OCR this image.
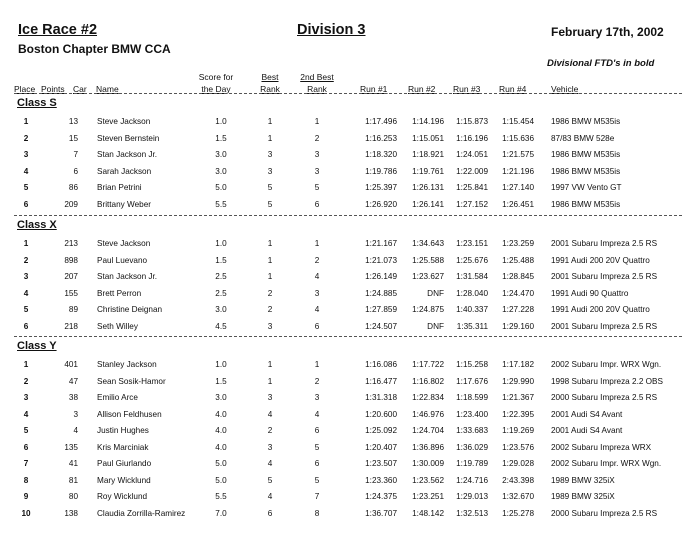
Ice Race #2	Division 3	February 17th, 2002
Boston Chapter BMW CCA
Divisional FTD's in bold
Place Points Car Name
Score for
the Day
Best
Rank
2nd Best
Rank	Run #1 Run #2 Run #3 Run #4	Vehicle
Class S
1	13 Steve Jackson	1.0	1	1	1:17.496	1:14.196	1:15.873	1:15.454 1986 BMW M535is
2	15 Steven Bernstein	1.5	1	2	1:16.253	1:15.051	1:16.196	1:15.636 87/83 BMW 528e
3	7 Stan Jackson Jr.	3.0	3	3	1:18.320	1:18.921	1:24.051	1:21.575 1986 BMW M535is
4	6 Sarah Jackson	3.0	3	3	1:19.786	1:19.761	1:22.009	1:21.196 1986 BMW M535is
5	86 Brian Petrini	5.0	5	5	1:25.397	1:26.131	1:25.841	1:27.140 1997 VW Vento GT
6	209 Brittany Weber	5.5	5	6	1:26.920	1:26.141	1:27.152	1:26.451 1986 BMW M535is
Class X
1	213 Steve Jackson	1.0	1	1	1:21.167	1:34.643	1:23.151	1:23.259 2001 Subaru Impreza 2.5 RS
2	898 Paul Luevano	1.5	1	2	1:21.073	1:25.588	1:25.676	1:25.488 1991 Audi 200 20V Quattro
3	207 Stan Jackson Jr.	2.5	1	4	1:26.149	1:23.627	1:31.584	1:28.845 2001 Subaru Impreza 2.5 RS
4	155 Brett Perron	2.5	2	3	1:24.885	DNF	1:28.040	1:24.470 1991 Audi 90 Quattro
5	89 Christine Deignan	3.0	2	4	1:27.859	1:24.875	1:40.337	1:27.228 1991 Audi 200 20V Quattro
6	218 Seth Willey	4.5	3	6	1:24.507	DNF	1:35.311	1:29.160 2001 Subaru Impreza 2.5 RS
Class Y
1	401 Stanley Jackson	1.0	1	1	1:16.086	1:17.722	1:15.258	1:17.182 2002 Subaru Impr. WRX Wgn.
2	47 Sean Sosik-Hamor	1.5	1	2	1:16.477	1:16.802	1:17.676	1:29.990 1998 Subaru Impreza 2.2 OBS
3	38 Emilio Arce	3.0	3	3	1:31.318	1:22.834	1:18.599	1:21.367 2000 Subaru Impreza 2.5 RS
4	3 Allison Feldhusen	4.0	4	4	1:20.600	1:46.976	1:23.400	1:22.395 2001 Audi S4 Avant
5	4 Justin Hughes	4.0	2	6	1:25.092	1:24.704	1:33.683	1:19.269 2001 Audi S4 Avant
6	135 Kris Marciniak	4.0	3	5	1:20.407	1:36.896	1:36.029	1:23.576 2002 Subaru Impreza WRX
7	41 Paul Giurlando	5.0	4	6	1:23.507	1:30.009	1:19.789	1:29.028 2002 Subaru Impr. WRX Wgn.
8	81 Mary Wicklund	5.0	5	5	1:23.360	1:23.562	1:24.716	2:43.398 1989 BMW 325iX
9	80 Roy Wicklund	5.5	4	7	1:24.375	1:23.251	1:29.013	1:32.670 1989 BMW 325iX
10	138 Claudia Zorrilla-Ramirez	7.0	6	8	1:36.707	1:48.142	1:32.513	1:25.278 2000 Subaru Impreza 2.5 RS
